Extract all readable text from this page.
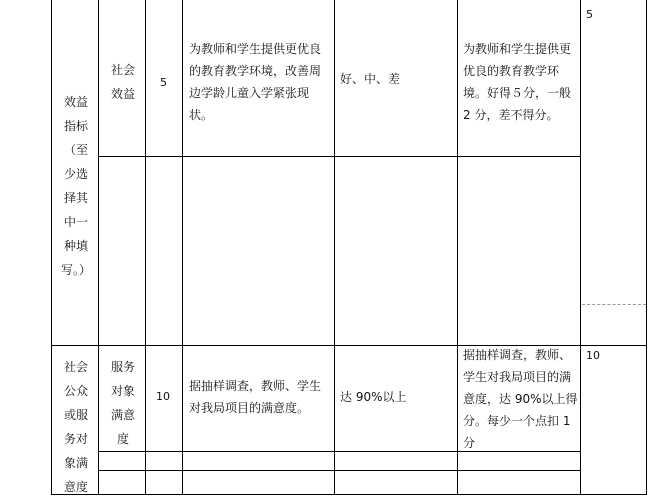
效益
指标
（至
少选
择其
中一
种填
写。）
社会
效益
5
为教师和学生提供更优良
的教育教学环境，改善周
边学龄儿童入学紧张现
状。
好、中、差
为教师和学生提供更
优良的教育教学环
境。好得５分，一般
2 分，差不得分。
5
社会
公众
或服
务对
象满
意度
服务
对象
满意
度
10
据抽样调查，教师、学生
对我局项目的满意度。
达 90%以上
据抽样调查，教师、
学生对我局项目的满
意度，达 90%以上得
分。每少一个点扣 1
分
10
